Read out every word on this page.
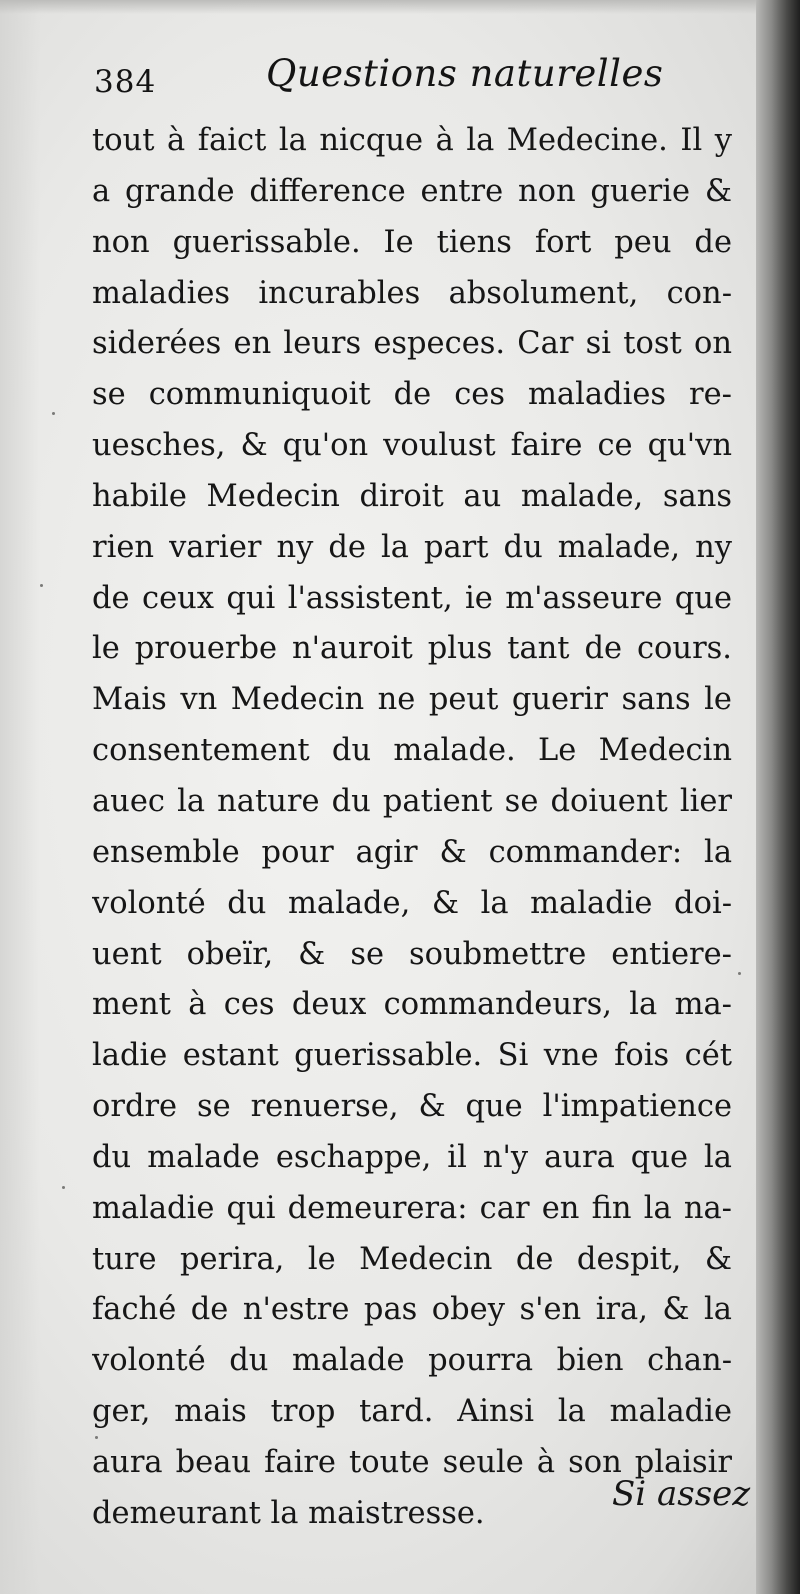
384	Questions naturelles
tout à faict la nicque à la Medecine. Il y
a grande difference entre non guerie &
non guerissable. Ie tiens fort peu de
maladies incurables absolument, con-
siderées en leurs especes. Car si tost on
se communiquoit de ces maladies re-
uesches, & qu'on voulust faire ce qu'vn
habile Medecin diroit au malade, sans
rien varier ny de la part du malade, ny
de ceux qui l'assistent, ie m'asseure que
le prouerbe n'auroit plus tant de cours.
Mais vn Medecin ne peut guerir sans le
consentement du malade. Le Medecin
auec la nature du patient se doiuent lier
ensemble pour agir & commander: la
volonté du malade, & la maladie doi-
uent obeïr, & se soubmettre entiere-
ment à ces deux commandeurs, la ma-
ladie estant guerissable. Si vne fois cét
ordre se renuerse, & que l'impatience
du malade eschappe, il n'y aura que la
maladie qui demeurera: car en fin la na-
ture perira, le Medecin de despit, &
faché de n'estre pas obey s'en ira, & la
volonté du malade pourra bien chan-
ger, mais trop tard. Ainsi la maladie
aura beau faire toute seule à son plaisir
demeurant la maistresse.	Si assez
